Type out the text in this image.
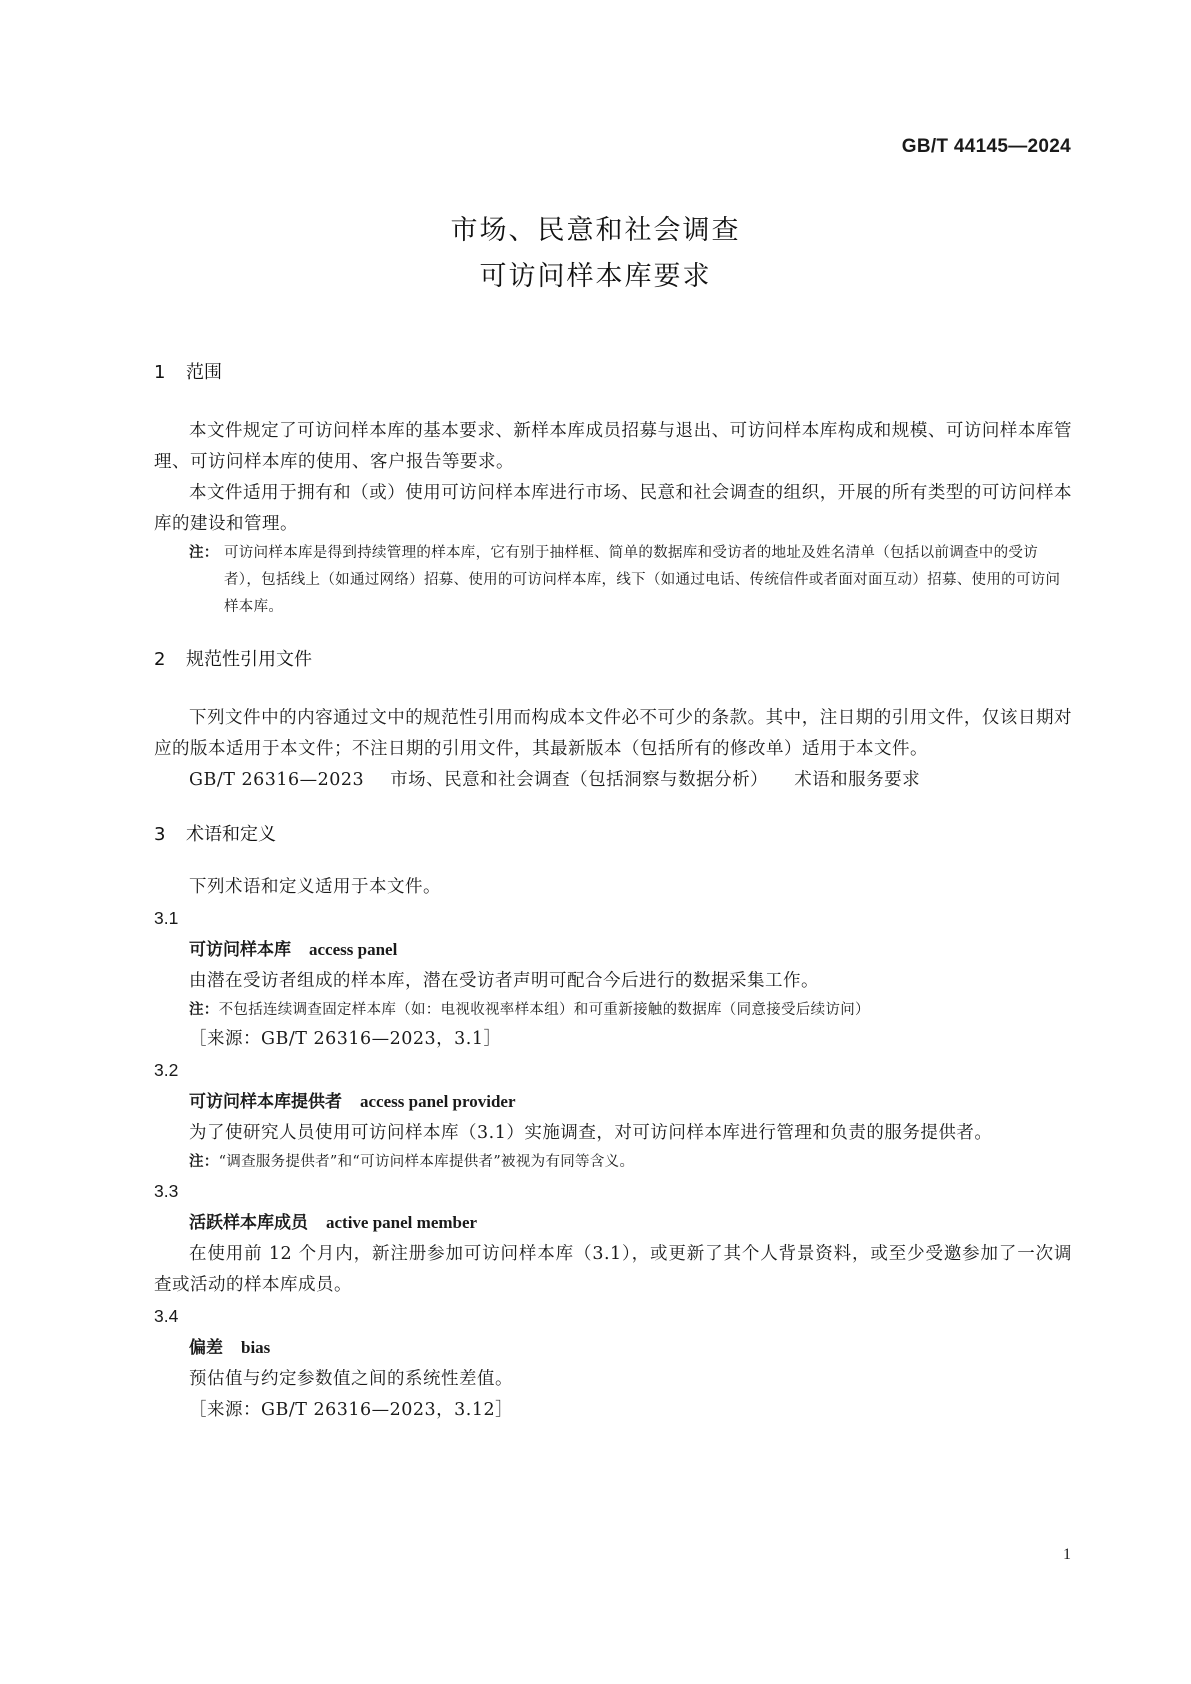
GB/T 44145—2024
市场、民意和社会调查
可访问样本库要求
1	范围
本文件规定了可访问样本库的基本要求、新样本库成员招募与退出、可访问样本库构成和规模、可访问样本库管理、可访问样本库的使用、客户报告等要求。
本文件适用于拥有和（或）使用可访问样本库进行市场、民意和社会调查的组织，开展的所有类型的可访问样本库的建设和管理。
注： 可访问样本库是得到持续管理的样本库，它有别于抽样框、简单的数据库和受访者的地址及姓名清单（包括以前调查中的受访者），包括线上（如通过网络）招募、使用的可访问样本库，线下（如通过电话、传统信件或者面对面互动）招募、使用的可访问样本库。
2	规范性引用文件
下列文件中的内容通过文中的规范性引用而构成本文件必不可少的条款。其中，注日期的引用文件，仅该日期对应的版本适用于本文件；不注日期的引用文件，其最新版本（包括所有的修改单）适用于本文件。
GB/T 26316—2023 市场、民意和社会调查（包括洞察与数据分析） 术语和服务要求
3	术语和定义
下列术语和定义适用于本文件。
3.1
可访问样本库 access panel
由潜在受访者组成的样本库，潜在受访者声明可配合今后进行的数据采集工作。
注：不包括连续调查固定样本库（如：电视收视率样本组）和可重新接触的数据库（同意接受后续访问）
［来源：GB/T 26316—2023，3.1］
3.2
可访问样本库提供者 access panel provider
为了使研究人员使用可访问样本库（3.1）实施调查，对可访问样本库进行管理和负责的服务提供者。
注：“调查服务提供者”和“可访问样本库提供者”被视为有同等含义。
3.3
活跃样本库成员 active panel member
在使用前 12 个月内，新注册参加可访问样本库（3.1），或更新了其个人背景资料，或至少受邀参加了一次调查或活动的样本库成员。
3.4
偏差 bias
预估值与约定参数值之间的系统性差值。
［来源：GB/T 26316—2023，3.12］
1
